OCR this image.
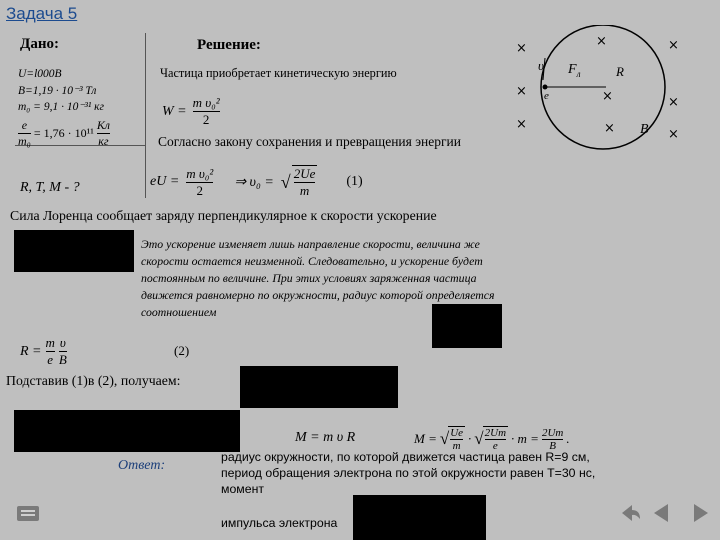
Задача 5
Дано:
U=l000В
B=1,19 · 10⁻³ Тл
m₀ = 9,1 · 10⁻³¹ кг
$\frac{e}{\text{m₀}} = 1,76 \cdot 10^{11} \frac{Кл}{кг}$
R, T, M - ?
Решение:
Частица приобретает кинетическую энергию
$W = \frac{\text{m υ₀²}}{2}$
Согласно закону сохранения и превращения энергии
eU = $\frac{\text{m υ₀²}}{2}$ ⇒ υ₀ = √ $\frac{2Ue}{m} (1)$
Сила Лоренца сообщает заряду перпендикулярное к скорости ускорение
Это ускорение изменяет лишь направление скорости, величина же скорости остается неизменной. Следовательно, и ускорение будет постоянным по величине. При этих условиях заряженная частица движется равномерно по окружности, радиус которой определяется соотношением
$R = \frac{m}{e} \frac{\upsilon}{B}$	(2)
Подставив (1)в (2), получаем:
M = m υ R	M = √ $\frac{Ue}{m}$ · √ $\frac{2Um}{e} \cdot m = \frac{2Um}{B}$ .
Ответ:
радиус окружности, по которой движется частица равен R=9 см, период обращения электрона по этой окружности равен T=30 нс, момент
импульса электрона
υ $F_л$	R
e
B
×	×	×
×	×	×
×	×	×
